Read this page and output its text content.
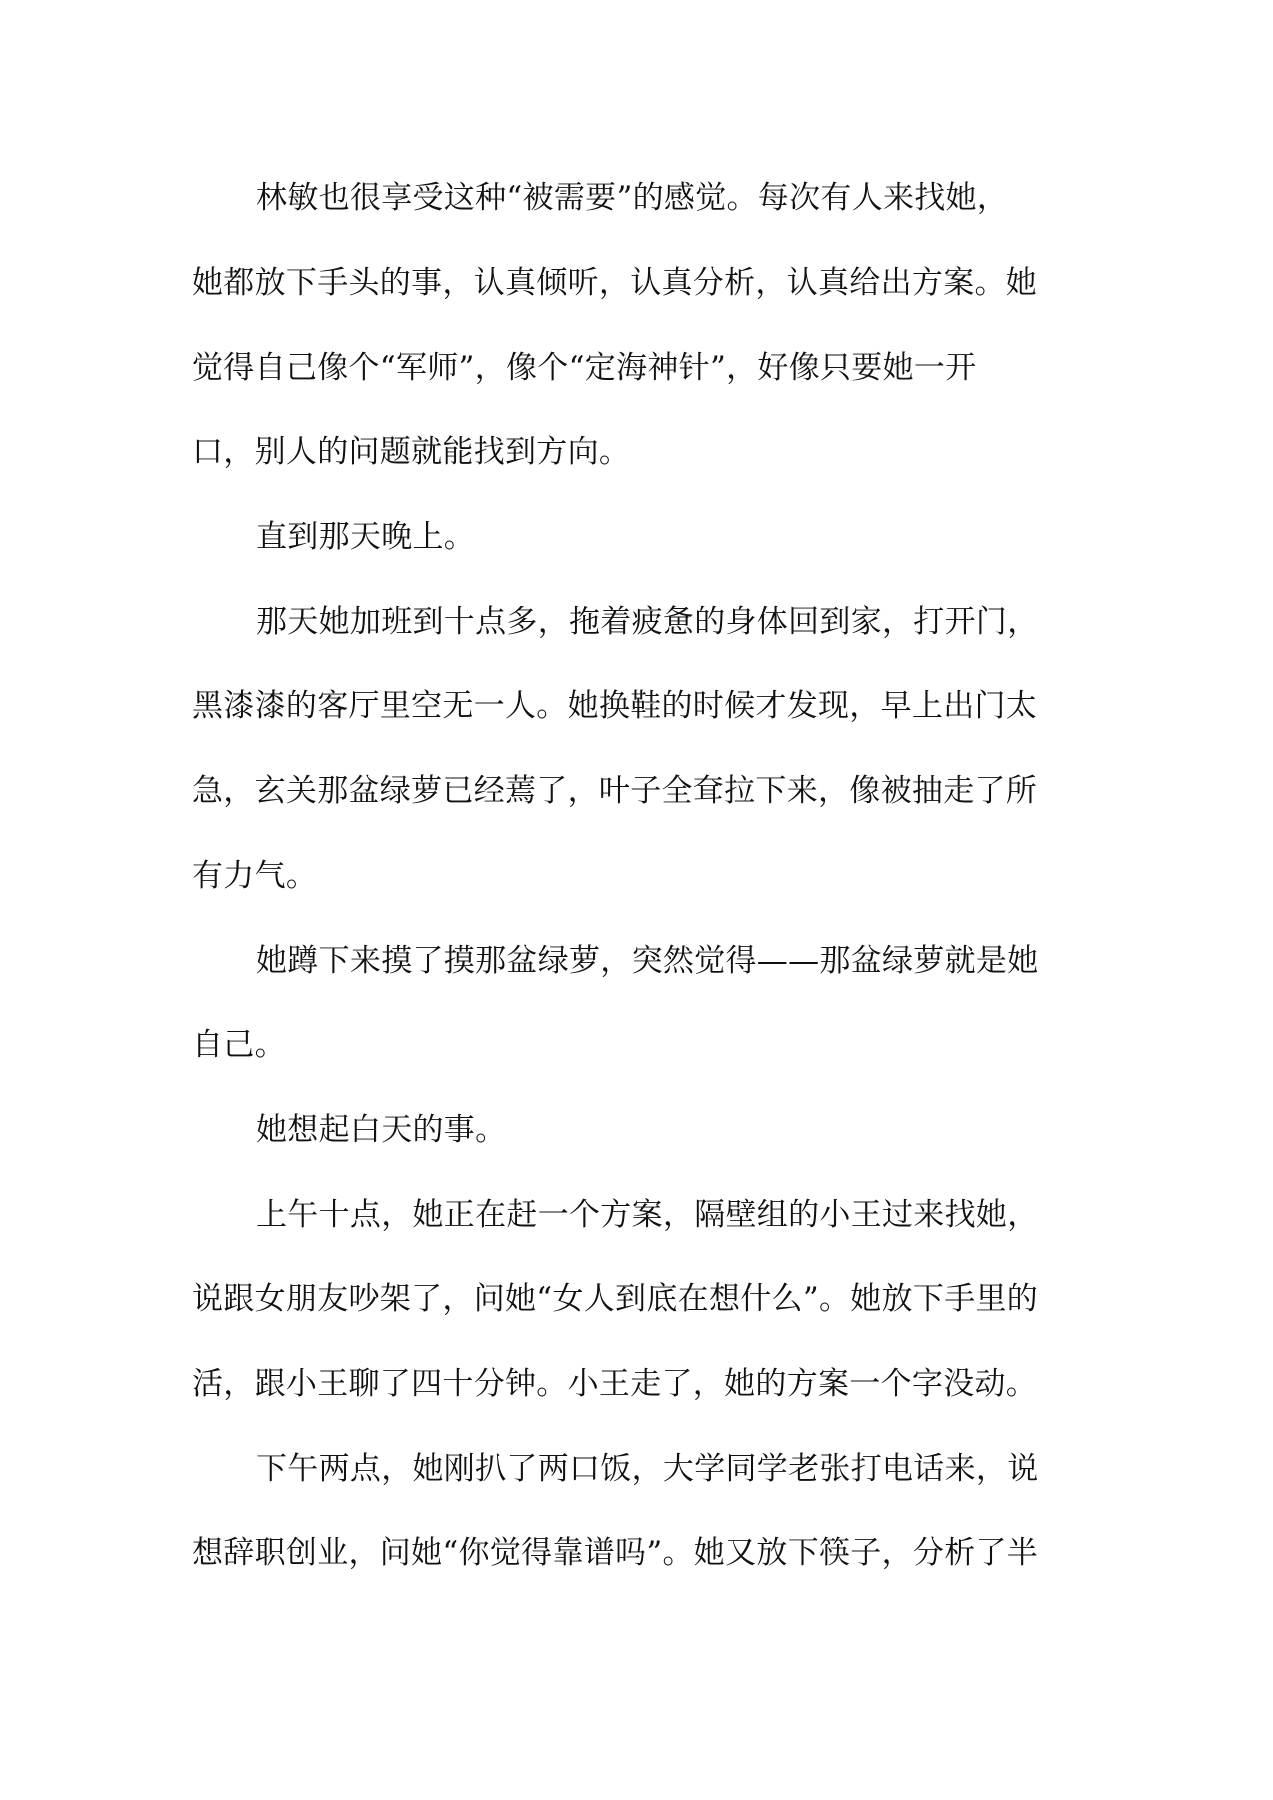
林敏也很享受这种“被需要”的感觉。每次有人来找她，

她都放下手头的事，认真倾听，认真分析，认真给出方案。她

觉得自己像个“军师”，像个“定海神针”，好像只要她一开

口，别人的问题就能找到方向。

直到那天晚上。

那天她加班到十点多，拖着疲惫的身体回到家，打开门，

黑漆漆的客厅里空无一人。她换鞋的时候才发现，早上出门太

急，玄关那盆绿萝已经蔫了，叶子全耷拉下来，像被抽走了所

有力气。

她蹲下来摸了摸那盆绿萝，突然觉得——那盆绿萝就是她

自己。

她想起白天的事。

上午十点，她正在赶一个方案，隔壁组的小王过来找她，

说跟女朋友吵架了，问她“女人到底在想什么”。她放下手里的

活，跟小王聊了四十分钟。小王走了，她的方案一个字没动。

下午两点，她刚扒了两口饭，大学同学老张打电话来，说

想辞职创业，问她“你觉得靠谱吗”。她又放下筷子，分析了半
